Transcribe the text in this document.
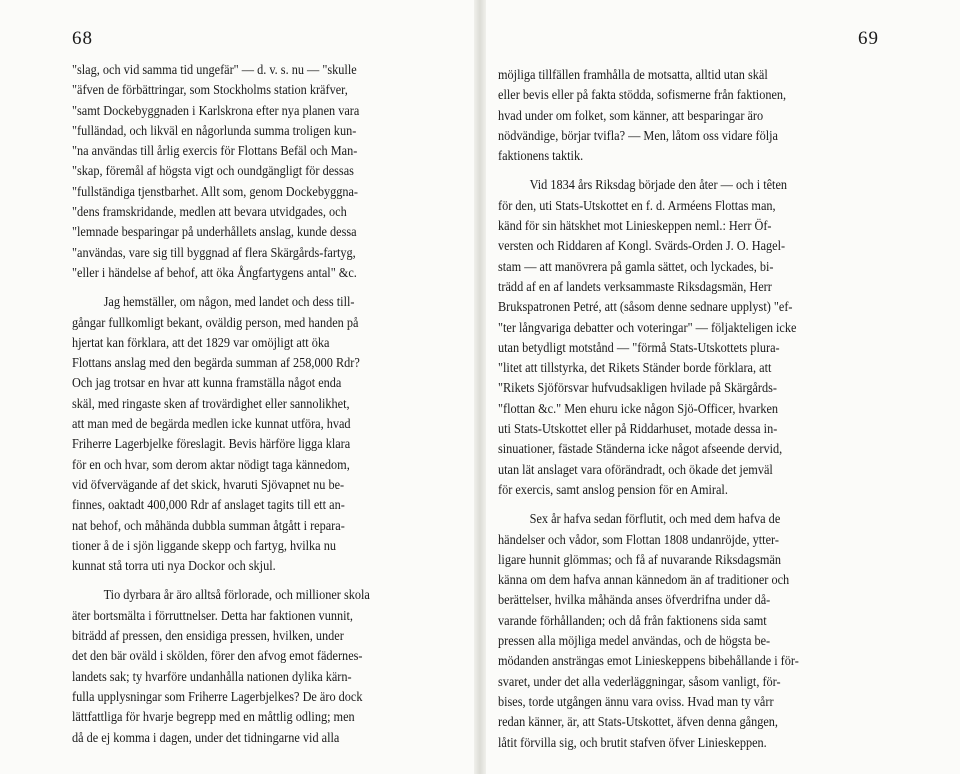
68

"slag, och vid samma tid ungefär" — d. v. s. nu — "skulle
"äfven de förbättringar, som Stockholms station kräfver,
"samt Dockebyggnaden i Karlskrona efter nya planen vara
"fulländad, och likväl en någorlunda summa troligen kun-
"na användas till årlig exercis för Flottans Befäl och Man-
"skap, föremål af högsta vigt och oundgängligt för dessas
"fullständiga tjenstbarhet. Allt som, genom Dockebyggna-
"dens framskridande, medlen att bevara utvidgades, och
"lemnade besparingar på underhållets anslag, kunde dessa
"användas, vare sig till byggnad af flera Skärgårds-fartyg,
"eller i händelse af behof, att öka Ångfartygens antal" &c.

Jag hemställer, om någon, med landet och dess till-

gångar fullkomligt bekant, oväldig person, med handen på
hjertat kan förklara, att det 1829 var omöjligt att öka
Flottans anslag med den begärda summan af 258,000 Rdr?
Och jag trotsar en hvar att kunna framställa något enda
skäl, med ringaste sken af trovärdighet eller sannolikhet,
att man med de begärda medlen icke kunnat utföra, hvad
Friherre Lagerbjelke föreslagit. Bevis härföre ligga klara
för en och hvar, som derom aktar nödigt taga kännedom,
vid öfvervägande af det skick, hvaruti Sjövapnet nu be-
finnes, oaktadt 400,000 Rdr af anslaget tagits till ett an-
nat behof, och måhända dubbla summan åtgått i repara-
tioner å de i sjön liggande skepp och fartyg, hvilka nu
kunnat stå torra uti nya Dockor och skjul.

Tio dyrbara år äro alltså förlorade, och millioner skola

äter bortsmälta i förruttnelser. Detta har faktionen vunnit,
biträdd af pressen, den ensidiga pressen, hvilken, under
det den bär oväld i skölden, förer den afvog emot fädernes-
landets sak; ty hvarföre undanhålla nationen dylika kärn-
fulla upplysningar som Friherre Lagerbjelkes? De äro dock
lättfattliga för hvarje begrepp med en måttlig odling; men
då de ej komma i dagen, under det tidningarne vid alla

69

möjliga tillfällen framhålla de motsatta, alltid utan skäl
eller bevis eller på fakta stödda, sofismerne från faktionen,
hvad under om folket, som känner, att besparingar äro
nödvändige, börjar tvifla? — Men, låtom oss vidare följa
faktionens taktik.

Vid 1834 års Riksdag började den åter — och i têten

för den, uti Stats-Utskottet en f. d. Arméens Flottas man,
känd för sin hätskhet mot Linieskeppen neml.: Herr Öf-
versten och Riddaren af Kongl. Svärds-Orden J. O. Hagel-
stam — att manövrera på gamla sättet, och lyckades, bi-
trädd af en af landets verksammaste Riksdagsmän, Herr
Brukspatronen Petré, att (såsom denne sednare upplyst) "ef-
"ter långvariga debatter och voteringar" — följakteligen icke
utan betydligt motstånd — "förmå Stats-Utskottets plura-
"litet att tillstyrka, det Rikets Ständer borde förklara, att
"Rikets Sjöförsvar hufvudsakligen hvilade på Skärgårds-
"flottan &c." Men ehuru icke någon Sjö-Officer, hvarken
uti Stats-Utskottet eller på Riddarhuset, motade dessa in-
sinuationer, fästade Ständerna icke något afseende dervid,
utan lät anslaget vara oförändradt, och ökade det jemväl
för exercis, samt anslog pension för en Amiral.

Sex år hafva sedan förflutit, och med dem hafva de

händelser och vådor, som Flottan 1808 undanröjde, ytter-
ligare hunnit glömmas; och få af nuvarande Riksdagsmän
känna om dem hafva annan kännedom än af traditioner och
berättelser, hvilka måhända anses öfverdrifna under då-
varande förhållanden; och då från faktionens sida samt
pressen alla möjliga medel användas, och de högsta be-
mödanden ansträngas emot Linieskeppens bibehållande i för-
svaret, under det alla vederläggningar, såsom vanligt, för-
bises, torde utgången ännu vara oviss. Hvad man ty vårr
redan känner, är, att Stats-Utskottet, äfven denna gången,
låtit förvilla sig, och brutit stafven öfver Linieskeppen.
